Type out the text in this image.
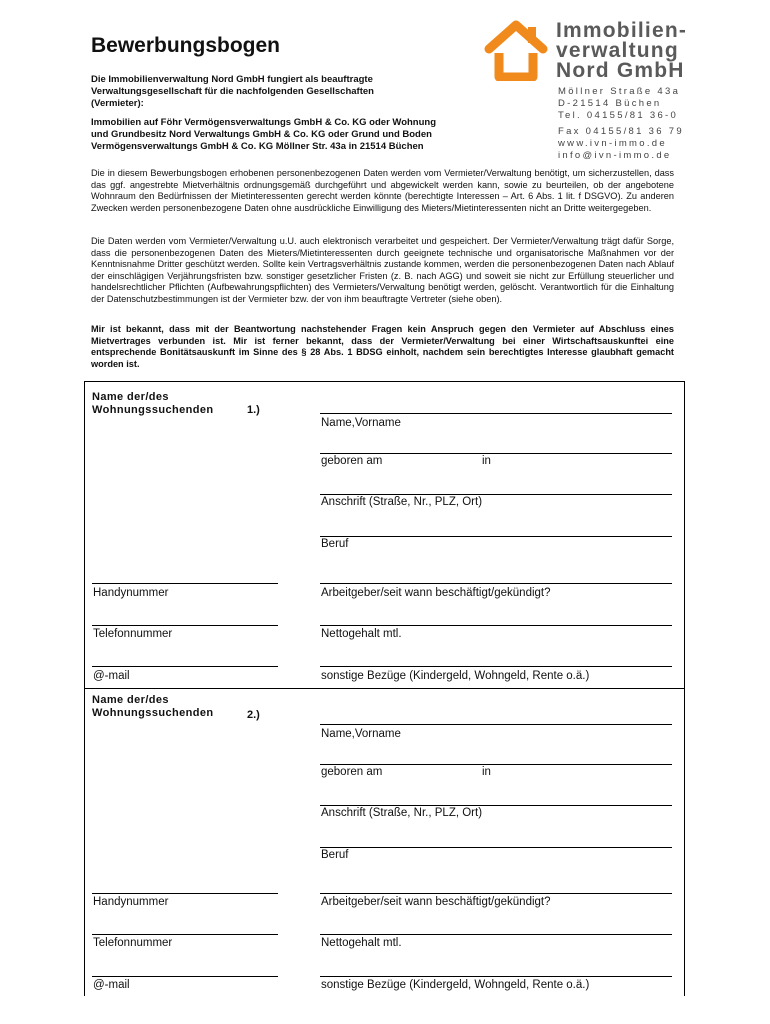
Bewerbungsbogen
Die Immobilienverwaltung Nord GmbH fungiert als beauftragte Verwaltungsgesellschaft für die nachfolgenden Gesellschaften (Vermieter):
Immobilien auf Föhr Vermögensverwaltungs GmbH & Co. KG oder Wohnung und Grundbesitz Nord Verwaltungs GmbH & Co. KG oder Grund und Boden Vermögensverwaltungs GmbH & Co. KG Möllner Str. 43a in 21514 Büchen
Immobilien-
verwaltung
Nord GmbH
Möllner Straße 43a
D-21514 Büchen
Tel. 04155/81 36-0
Fax 04155/81 36 79
www.ivn-immo.de
info@ivn-immo.de

Die in diesem Bewerbungsbogen erhobenen personenbezogenen Daten werden vom Vermieter/Verwaltung benötigt, um sicherzustellen, dass das ggf. angestrebte Mietverhältnis ordnungsgemäß durchgeführt und abgewickelt werden kann, sowie zu beurteilen, ob der angebotene Wohnraum den Bedürfnissen der Mietinteressenten gerecht werden könnte (berechtigte Interessen – Art. 6 Abs. 1 lit. f DSGVO). Zu anderen Zwecken werden personenbezogene Daten ohne ausdrückliche Einwilligung des Mieters/Mietinteressenten nicht an Dritte weitergegeben.

Die Daten werden vom Vermieter/Verwaltung u.U. auch elektronisch verarbeitet und gespeichert. Der Vermieter/Verwaltung trägt dafür Sorge, dass die personenbezogenen Daten des Mieters/Mietinteressenten durch geeignete technische und organisatorische Maßnahmen vor der Kenntnisnahme Dritter geschützt werden. Sollte kein Vertragsverhältnis zustande kommen, werden die personenbezogenen Daten nach Ablauf der einschlägigen Verjährungsfristen bzw. sonstiger gesetzlicher Fristen (z. B. nach AGG) und soweit sie nicht zur Erfüllung steuerlicher und handelsrechtlicher Pflichten (Aufbewahrungspflichten) des Vermieters/Verwaltung benötigt werden, gelöscht. Verantwortlich für die Einhaltung der Datenschutzbestimmungen ist der Vermieter bzw. der von ihm beauftragte Vertreter (siehe oben).

Mir ist bekannt, dass mit der Beantwortung nachstehender Fragen kein Anspruch gegen den Vermieter auf Abschluss eines Mietvertrages verbunden ist. Mir ist ferner bekannt, dass der Vermieter/Verwaltung bei einer Wirtschaftsauskunftei eine entsprechende Bonitätsauskunft im Sinne des § 28 Abs. 1 BDSG einholt, nachdem sein berechtigtes Interesse glaubhaft gemacht worden ist.

Name der/des
Wohnungssuchenden	1.)
Name,Vorname
geboren am	in
Anschrift (Straße, Nr., PLZ, Ort)
Beruf
Handynummer	Arbeitgeber/seit wann beschäftigt/gekündigt?
Telefonnummer	Nettogehalt mtl.
@-mail	sonstige Bezüge (Kindergeld, Wohngeld, Rente o.ä.)
Name der/des
Wohnungssuchenden	2.)
Name,Vorname
geboren am	in
Anschrift (Straße, Nr., PLZ, Ort)
Beruf
Handynummer	Arbeitgeber/seit wann beschäftigt/gekündigt?
Telefonnummer	Nettogehalt mtl.
@-mail	sonstige Bezüge (Kindergeld, Wohngeld, Rente o.ä.)
